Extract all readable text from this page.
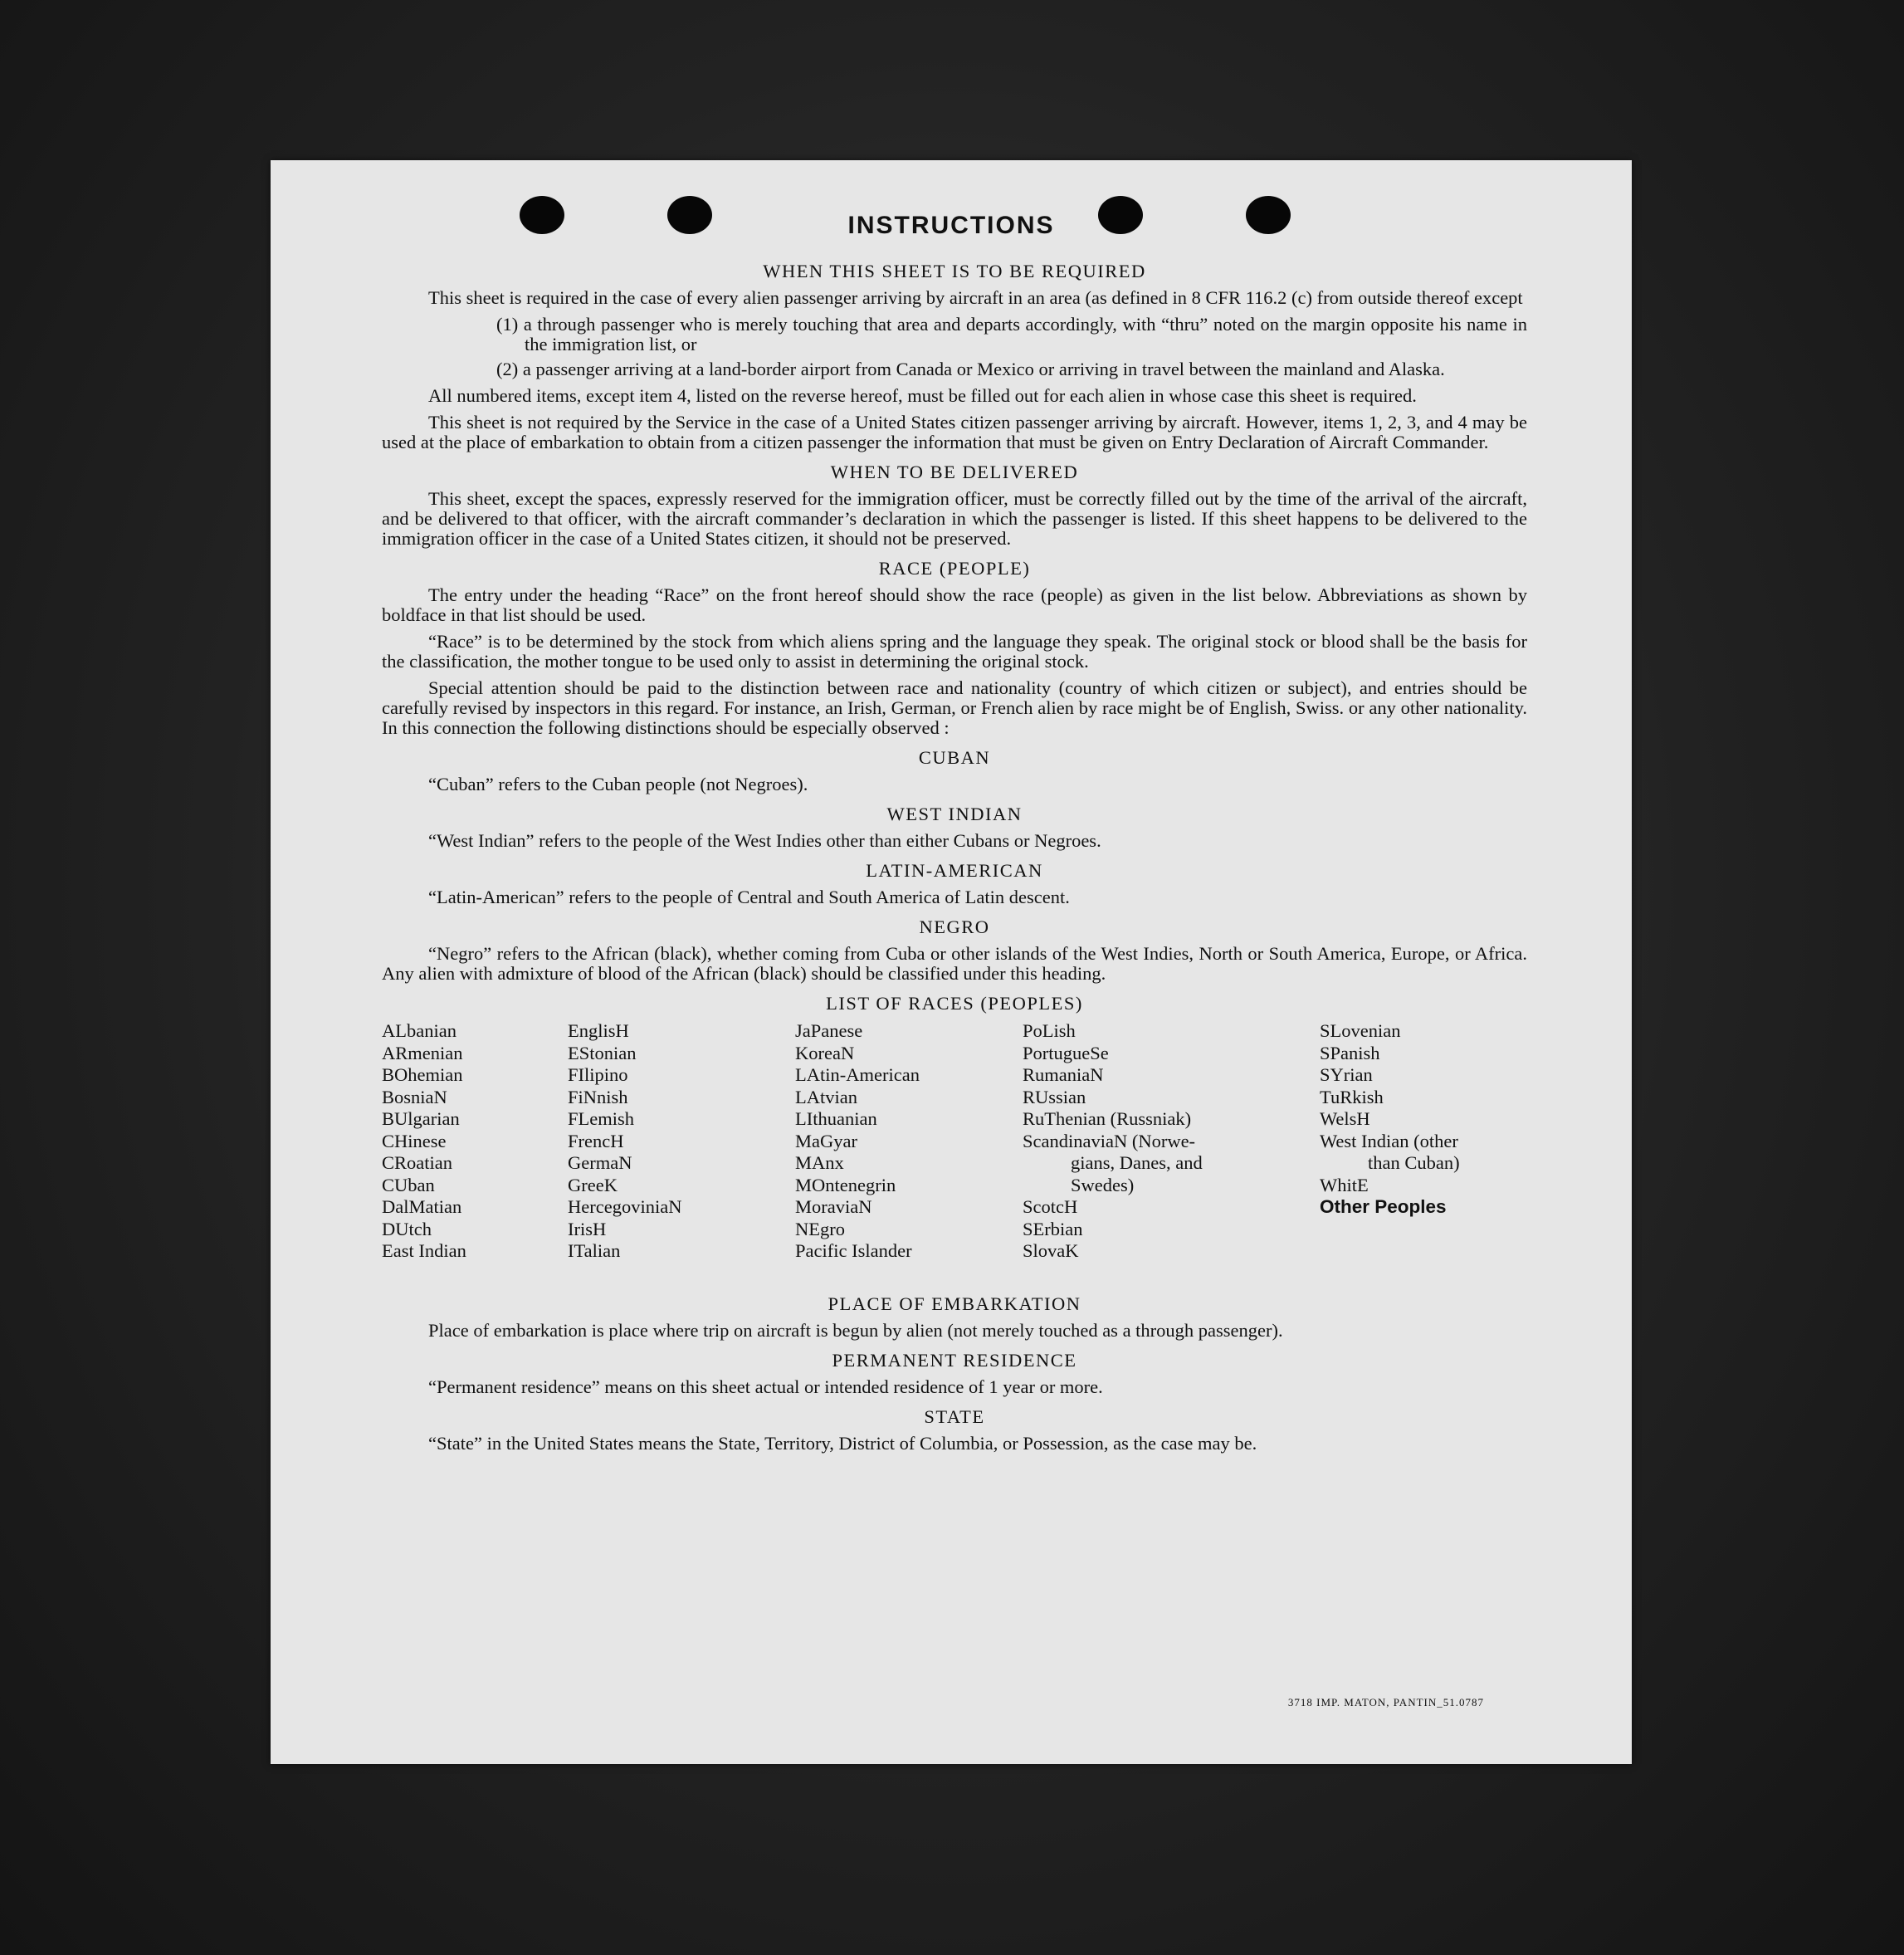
INSTRUCTIONS
WHEN THIS SHEET IS TO BE REQUIRED

This sheet is required in the case of every alien passenger arriving by aircraft in an area (as defined in 8 CFR 116.2 (c) from outside thereof except

(1) a through passenger who is merely touching that area and departs accordingly, with “thru” noted on the margin opposite his name in the immigration list, or
(2) a passenger arriving at a land-border airport from Canada or Mexico or arriving in travel between the mainland and Alaska.

All numbered items, except item 4, listed on the reverse hereof, must be filled out for each alien in whose case this sheet is required.

This sheet is not required by the Service in the case of a United States citizen passenger arriving by aircraft. However, items 1, 2, 3, and 4 may be used at the place of embarkation to obtain from a citizen passenger the information that must be given on Entry Declaration of Aircraft Commander.

WHEN TO BE DELIVERED

This sheet, except the spaces, expressly reserved for the immigration officer, must be correctly filled out by the time of the arrival of the aircraft, and be delivered to that officer, with the aircraft commander’s declaration in which the passenger is listed. If this sheet happens to be delivered to the immigration officer in the case of a United States citizen, it should not be preserved.

RACE (PEOPLE)

The entry under the heading “Race” on the front hereof should show the race (people) as given in the list below. Abbreviations as shown by boldface in that list should be used.

“Race” is to be determined by the stock from which aliens spring and the language they speak. The original stock or blood shall be the basis for the classification, the mother tongue to be used only to assist in determining the original stock.

Special attention should be paid to the distinction between race and nationality (country of which citizen or subject), and entries should be carefully revised by inspectors in this regard. For instance, an Irish, German, or French alien by race might be of English, Swiss. or any other nationality. In this connection the following distinctions should be especially observed :

CUBAN

“Cuban” refers to the Cuban people (not Negroes).

WEST INDIAN

“West Indian” refers to the people of the West Indies other than either Cubans or Negroes.

LATIN-AMERICAN

“Latin-American” refers to the people of Central and South America of Latin descent.

NEGRO

“Negro” refers to the African (black), whether coming from Cuba or other islands of the West Indies, North or South America, Europe, or Africa. Any alien with admixture of blood of the African (black) should be classified under this heading.

LIST OF RACES (PEOPLES)
ALbanian
ARmenian
BOhemian
BosniaN
BUlgarian
CHinese
CRoatian
CUban
DalMatian
DUtch
East Indian
EnglisH
EStonian
FIlipino
FiNnish
FLemish
FrencH
GermaN
GreeK
HercegoviniaN
IrisH
ITalian
JaPanese
KoreaN
LAtin-American
LAtvian
LIthuanian
MaGyar
MAnx
MOntenegrin
MoraviaN
NEgro
Pacific Islander
PoLish
PortugueSe
RumaniaN
RUssian
RuThenian (Russniak)
ScandinaviaN (Norwe-
gians, Danes, and
Swedes)
ScotcH
SErbian
SlovaK
SLovenian
SPanish
SYrian
TuRkish
WelsH
West Indian (other
than Cuban)
WhitE
Other Peoples
PLACE OF EMBARKATION

Place of embarkation is place where trip on aircraft is begun by alien (not merely touched as a through passenger).

PERMANENT RESIDENCE

“Permanent residence” means on this sheet actual or intended residence of 1 year or more.

STATE

“State” in the United States means the State, Territory, District of Columbia, or Possession, as the case may be.

3718 IMP. MATON, PANTIN_51.0787
